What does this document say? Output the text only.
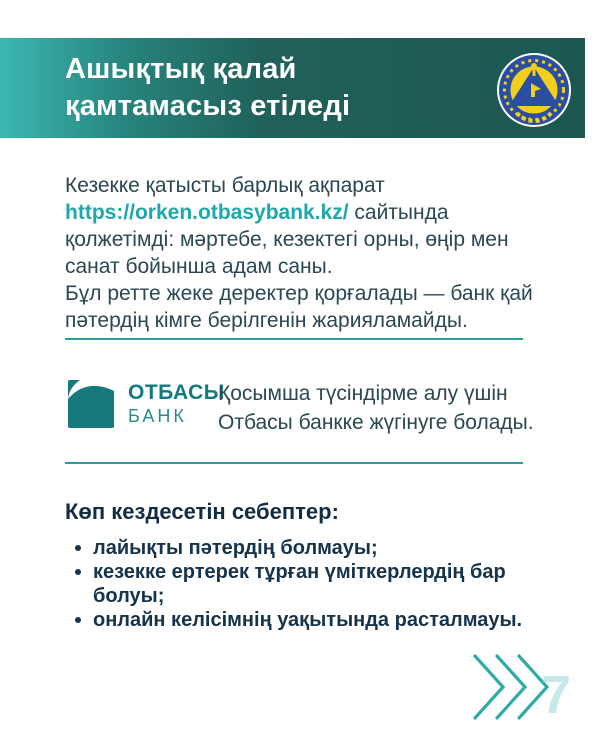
Ашықтық қалай
қамтамасыз етіледі

Кезекке қатысты барлық ақпарат https://orken.otbasybank.kz/ сайтында қолжетімді: мәртебе, кезектегі орны, өңір мен санат бойынша адам саны.
Бұл ретте жеке деректер қорғалады — банк қай пәтердің кімге берілгенін жарияламайды.

ОТБАСЫ
БАНК

Қосымша түсіндірме алу үшін Отбасы банкке жүгінуге болады.

Көп кездесетін себептер:
лайықты пәтердің болмауы;
кезекке ертерек тұрған үміткерлердің бар болуы;
онлайн келісімнің уақытында расталмауы.
7
